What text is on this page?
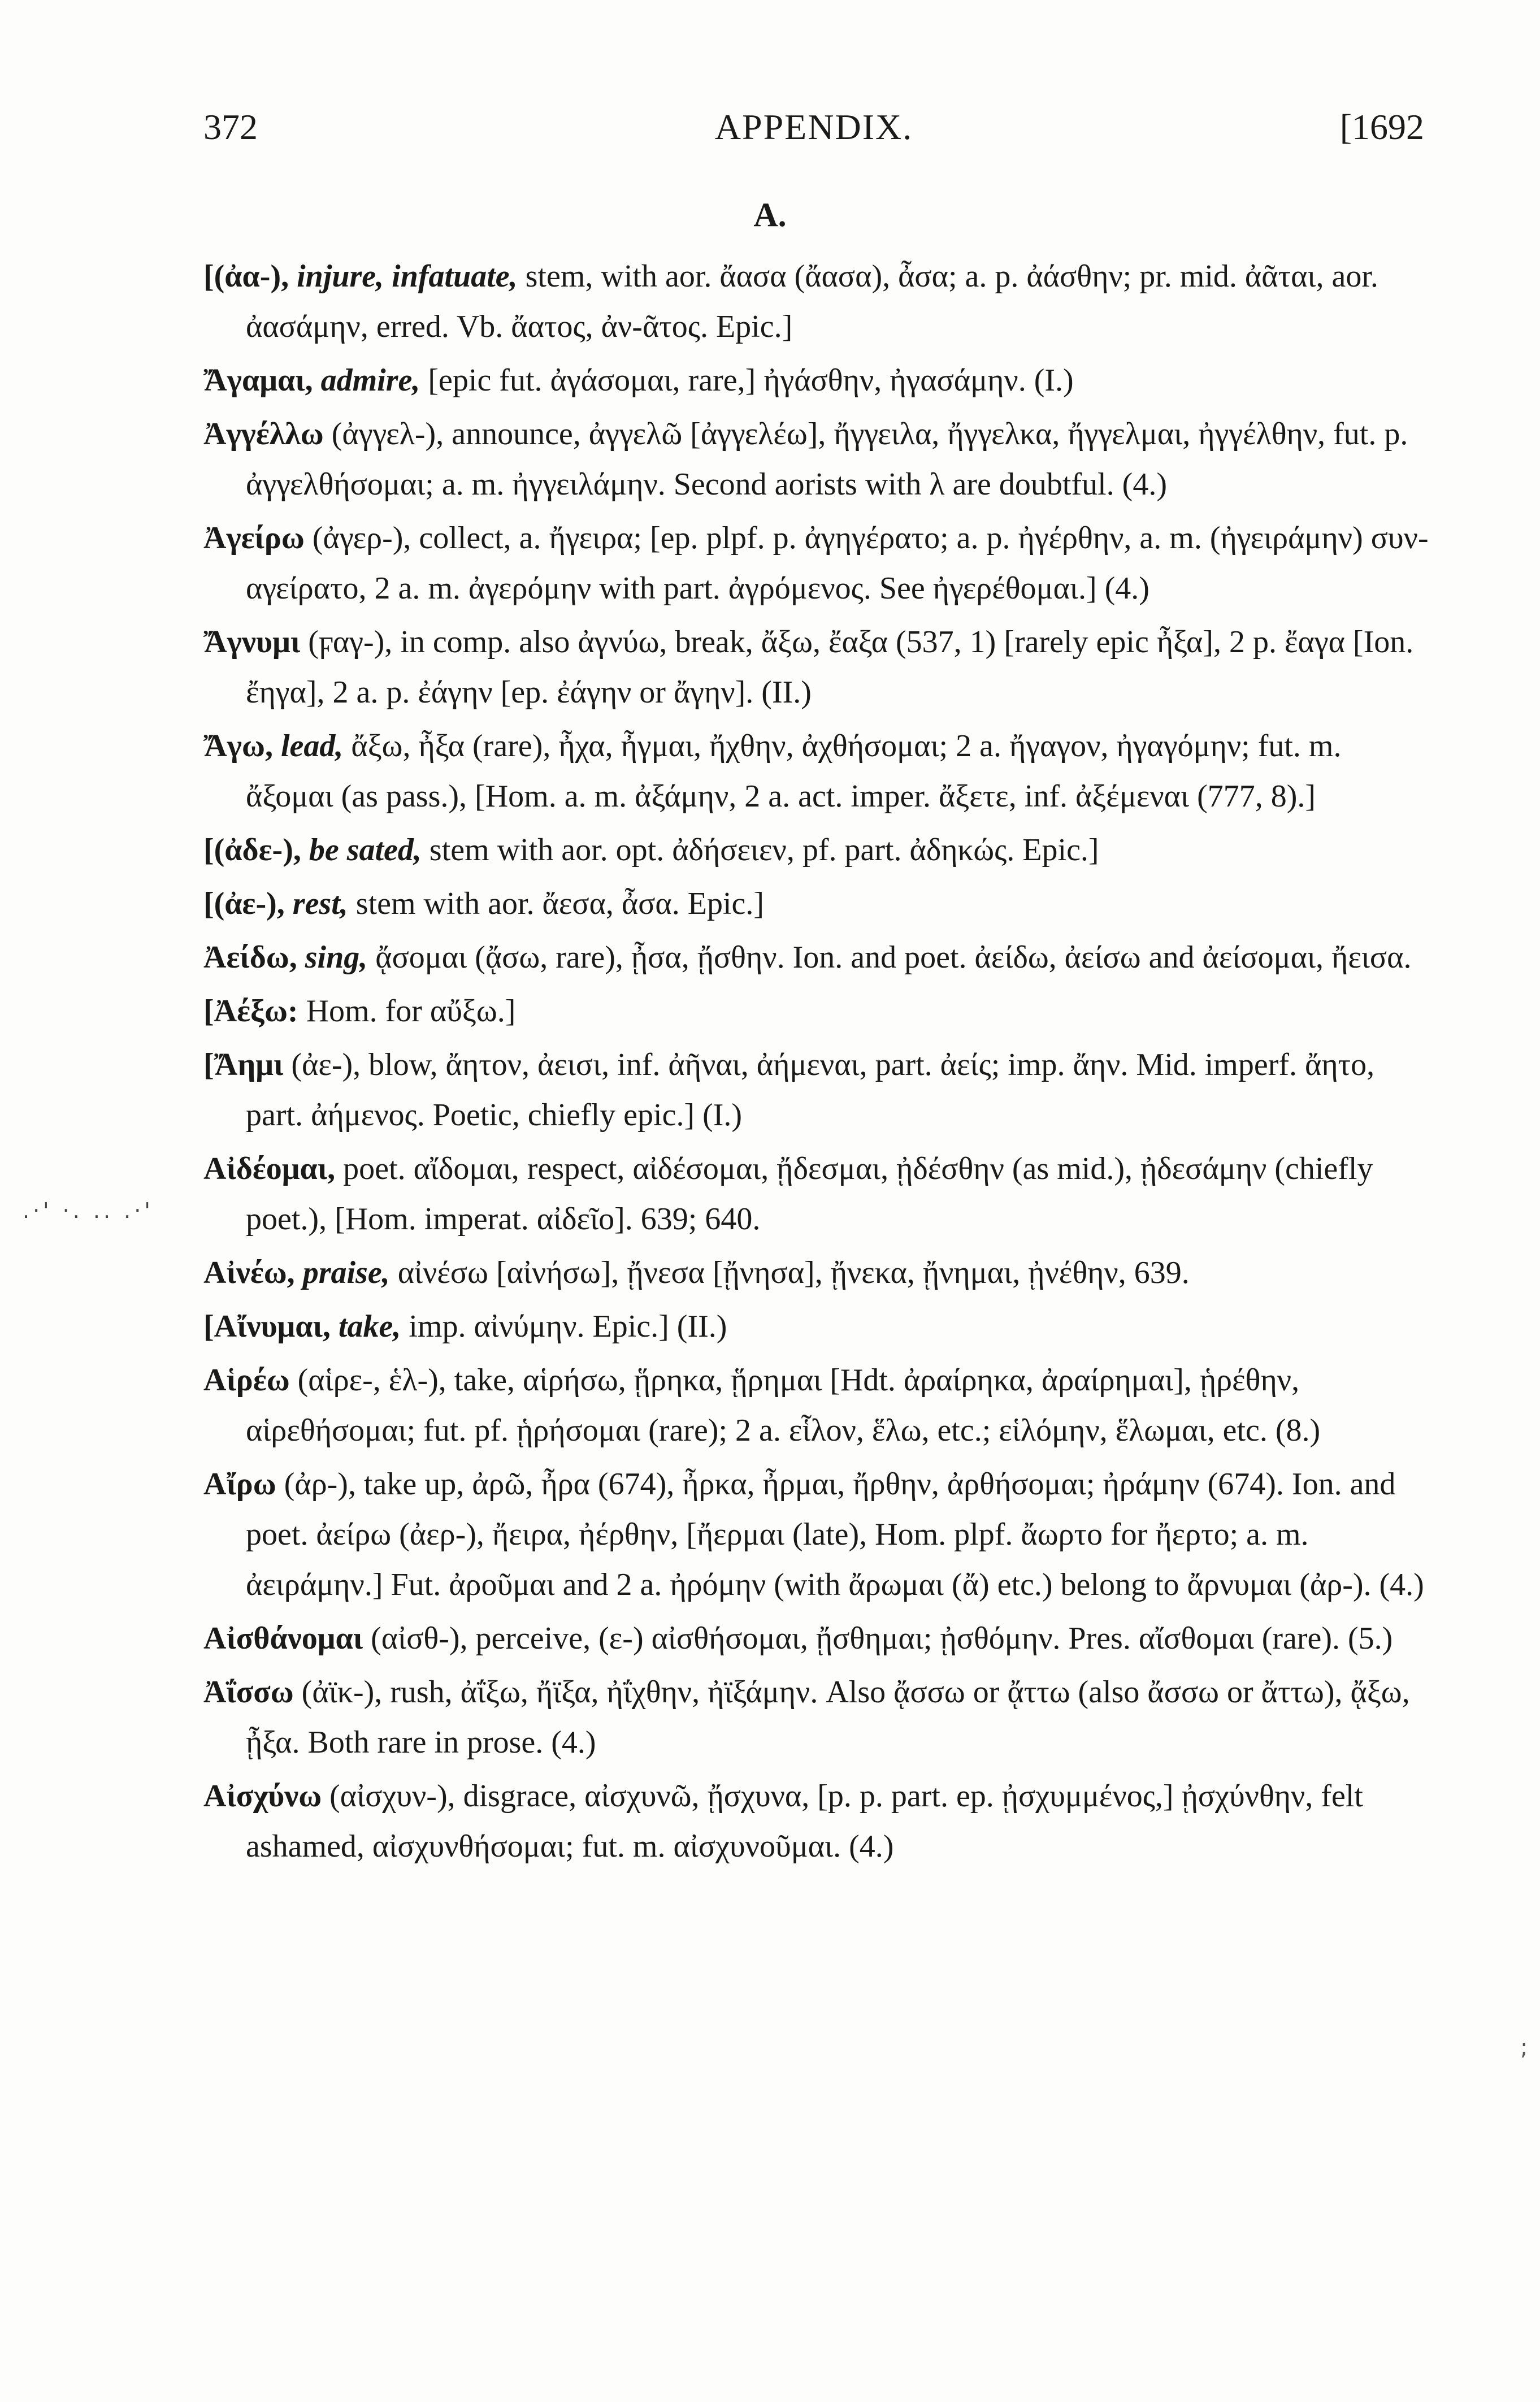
372	APPENDIX.	[1692
A.

[(ἀα-), injure, infatuate, stem, with aor. ἄασα (ἄασα), ἆσα; a. p. ἀάσθην; pr. mid. ἀᾶται, aor. ἀασάμην, erred. Vb. ἄατος, ἀν-ᾶτος. Epic.]

Ἄγαμαι, admire, [epic fut. ἀγάσομαι, rare,] ἠγάσθην, ἠγασάμην. (I.)

Ἀγγέλλω (ἀγγελ-), announce, ἀγγελῶ [ἀγγελέω], ἤγγειλα, ἤγγελκα, ἤγγελμαι, ἠγγέλθην, fut. p. ἀγγελθήσομαι; a. m. ἠγγειλάμην. Second aorists with λ are doubtful. (4.)

Ἀγείρω (ἀγερ-), collect, a. ἤγειρα; [ep. plpf. p. ἀγηγέρατο; a. p. ἠγέρθην, a. m. (ἠγειράμην) συν-αγείρατο, 2 a. m. ἀγερόμην with part. ἀγρόμενος. See ἠγερέθομαι.] (4.)

Ἄγνυμι (ϝαγ-), in comp. also ἀγνύω, break, ἄξω, ἔαξα (537, 1) [rarely epic ἦξα], 2 p. ἔαγα [Ion. ἔηγα], 2 a. p. ἐάγην [ep. ἐάγην or ἄγην]. (II.)

Ἄγω, lead, ἄξω, ἦξα (rare), ἦχα, ἦγμαι, ἤχθην, ἀχθήσομαι; 2 a. ἤγαγον, ἠγαγόμην; fut. m. ἄξομαι (as pass.), [Hom. a. m. ἀξάμην, 2 a. act. imper. ἄξετε, inf. ἀξέμεναι (777, 8).]

[(ἀδε-), be sated, stem with aor. opt. ἀδήσειεν, pf. part. ἀδηκώς. Epic.]

[(ἀε-), rest, stem with aor. ἄεσα, ἆσα. Epic.]

Ἀείδω, sing, ᾄσομαι (ᾄσω, rare), ᾖσα, ᾔσθην. Ion. and poet. ἀείδω, ἀείσω and ἀείσομαι, ἤεισα.

[Ἀέξω: Hom. for αὔξω.]

[Ἄημι (ἀε-), blow, ἄητον, ἀεισι, inf. ἀῆναι, ἀήμεναι, part. ἀείς; imp. ἄην. Mid. imperf. ἄητο, part. ἀήμενος. Poetic, chiefly epic.] (I.)

Αἰδέομαι, poet. αἴδομαι, respect, αἰδέσομαι, ᾔδεσμαι, ᾐδέσθην (as mid.), ᾐδεσάμην (chiefly poet.), [Hom. imperat. αἰδεῖο]. 639; 640.

Αἰνέω, praise, αἰνέσω [αἰνήσω], ᾔνεσα [ᾔνησα], ᾔνεκα, ᾔνημαι, ᾐνέθην, 639.

[Αἴνυμαι, take, imp. αἰνύμην. Epic.] (II.)

Αἱρέω (αἱρε-, ἑλ-), take, αἱρήσω, ᾕρηκα, ᾕρημαι [Hdt. ἀραίρηκα, ἀραίρημαι], ᾑρέθην, αἱρεθήσομαι; fut. pf. ᾑρήσομαι (rare); 2 a. εἷλον, ἕλω, etc.; εἱλόμην, ἕλωμαι, etc. (8.)

Αἴρω (ἀρ-), take up, ἀρῶ, ἦρα (674), ἦρκα, ἦρμαι, ἤρθην, ἀρθήσομαι; ἠράμην (674). Ion. and poet. ἀείρω (ἀερ-), ἤειρα, ἠέρθην, [ἤερμαι (late), Hom. plpf. ἄωρτο for ἤερτο; a. m. ἀειράμην.] Fut. ἀροῦμαι and 2 a. ἠρόμην (with ἄρωμαι (ἄ) etc.) belong to ἄρνυμαι (ἀρ-). (4.)

Αἰσθάνομαι (αἰσθ-), perceive, (ε-) αἰσθήσομαι, ᾔσθημαι; ᾐσθόμην. Pres. αἴσθομαι (rare). (5.)

Ἀΐσσω (ἀϊκ-), rush, ἀΐξω, ἤϊξα, ἠΐχθην, ἠϊξάμην. Also ᾄσσω or ᾄττω (also ἄσσω or ἄττω), ᾄξω, ᾖξα. Both rare in prose. (4.)

Αἰσχύνω (αἰσχυν-), disgrace, αἰσχυνῶ, ᾔσχυνα, [p. p. part. ep. ᾐσχυμμένος,] ᾐσχύνθην, felt ashamed, αἰσχυνθήσομαι; fut. m. αἰσχυνοῦμαι. (4.)

.·' ·. .. .·'
;
